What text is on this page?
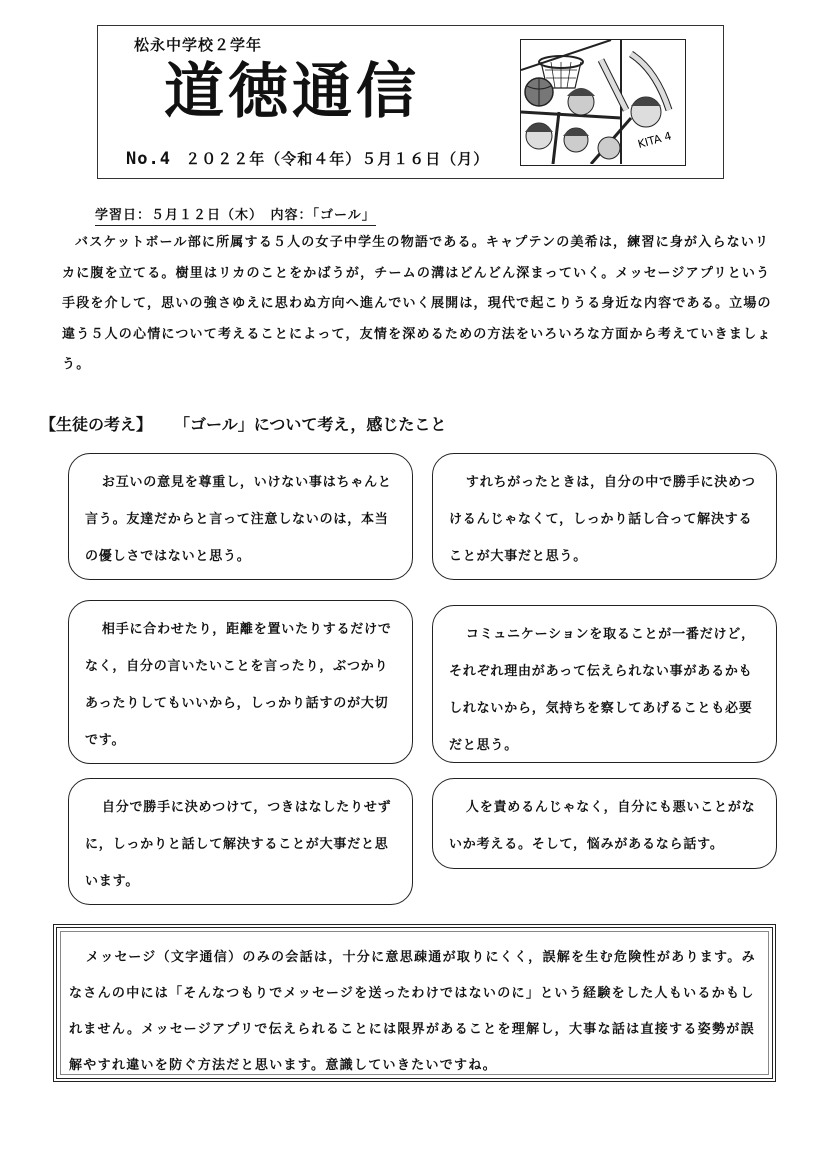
松永中学校２学年
道徳通信
No.4 ２０２２年（令和４年）５月１６日（月）
KITA 4
学習日：５月１２日（木）　内容：「ゴール」

バスケットボール部に所属する５人の女子中学生の物語である。キャプテンの美希は，練習に身が入らないリカに腹を立てる。樹里はリカのことをかばうが，チームの溝はどんどん深まっていく。メッセージアプリという手段を介して，思いの強さゆえに思わぬ方向へ進んでいく展開は，現代で起こりうる身近な内容である。立場の違う５人の心情について考えることによって，友情を深めるための方法をいろいろな方面から考えていきましょう。

【生徒の考え】 「ゴール」について考え，感じたこと

お互いの意見を尊重し，いけない事はちゃんと言う。友達だからと言って注意しないのは，本当の優しさではないと思う。

すれちがったときは，自分の中で勝手に決めつけるんじゃなくて，しっかり話し合って解決することが大事だと思う。

相手に合わせたり，距離を置いたりするだけでなく，自分の言いたいことを言ったり，ぶつかりあったりしてもいいから，しっかり話すのが大切です。

コミュニケーションを取ることが一番だけど，それぞれ理由があって伝えられない事があるかもしれないから，気持ちを察してあげることも必要だと思う。

自分で勝手に決めつけて，つきはなしたりせずに，しっかりと話して解決することが大事だと思います。

人を責めるんじゃなく，自分にも悪いことがないか考える。そして，悩みがあるなら話す。

メッセージ（文字通信）のみの会話は，十分に意思疎通が取りにくく，誤解を生む危険性があります。みなさんの中には「そんなつもりでメッセージを送ったわけではないのに」という経験をした人もいるかもしれません。メッセージアプリで伝えられることには限界があることを理解し，大事な話は直接する姿勢が誤解やすれ違いを防ぐ方法だと思います。意識していきたいですね。
